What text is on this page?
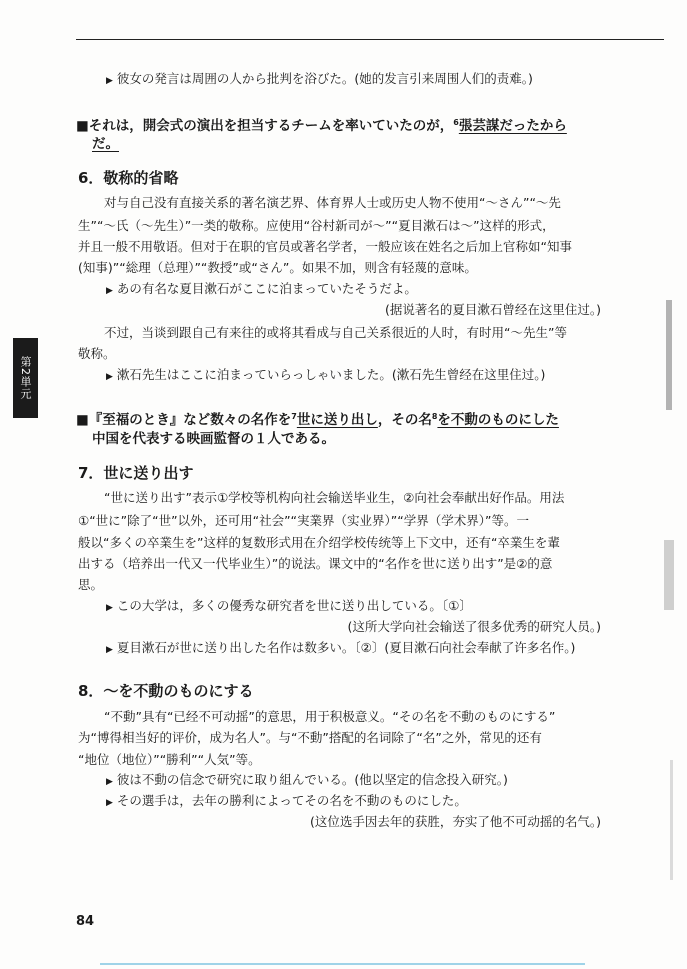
▶ 彼女の発言は周囲の人から批判を浴びた。(她的发言引来周围人们的责难。)
■それは，開会式の演出を担当するチームを率いていたのが，$^6$張芸謀だったから
だ。
6．敬称的省略
对与自己没有直接关系的著名演艺界、体育界人士或历史人物不使用“～さん”“～先
生”“～氏（～先生）”一类的敬称。应使用“谷村新司が～”“夏目漱石は～”这样的形式，
并且一般不用敬语。但对于在职的官员或著名学者，一般应该在姓名之后加上官称如“知事
(知事)”“総理（总理）”“教授”或“さん”。如果不加，则含有轻蔑的意味。
▶ あの有名な夏目漱石がここに泊まっていたそうだよ。
(据说著名的夏目漱石曾经在这里住过。)
不过，当谈到跟自己有来往的或将其看成与自己关系很近的人时，有时用“～先生”等
敬称。
▶ 漱石先生はここに泊まっていらっしゃいました。(漱石先生曾经在这里住过。)
■『至福のとき』など数々の名作を$^7$世に送り出し，その名$^8$を不動のものにした
中国を代表する映画監督の１人である。
7．世に送り出す
“世に送り出す”表示①学校等机构向社会输送毕业生，②向社会奉献出好作品。用法
①“世に”除了“世”以外，还可用“社会”“実業界（实业界）”“学界（学术界）”等。一
般以“多くの卒業生を”这样的复数形式用在介绍学校传统等上下文中，还有“卒業生を輩
出する（培养出一代又一代毕业生）”的说法。课文中的“名作を世に送り出す”是②的意
思。
▶ この大学は，多くの優秀な研究者を世に送り出している。〔①〕
(这所大学向社会输送了很多优秀的研究人员。)
▶ 夏目漱石が世に送り出した名作は数多い。〔②〕(夏目漱石向社会奉献了许多名作。)
8．～を不動のものにする
“不動”具有“已经不可动摇”的意思，用于积极意义。“その名を不動のものにする”
为“博得相当好的评价，成为名人”。与“不動”搭配的名词除了“名”之外，常见的还有
“地位（地位）”“勝利”“人気”等。
▶ 彼は不動の信念で研究に取り組んでいる。(他以坚定的信念投入研究。)
▶ その選手は，去年の勝利によってその名を不動のものにした。
(这位选手因去年的获胜，夯实了他不可动摇的名气。)
第2単元
84
